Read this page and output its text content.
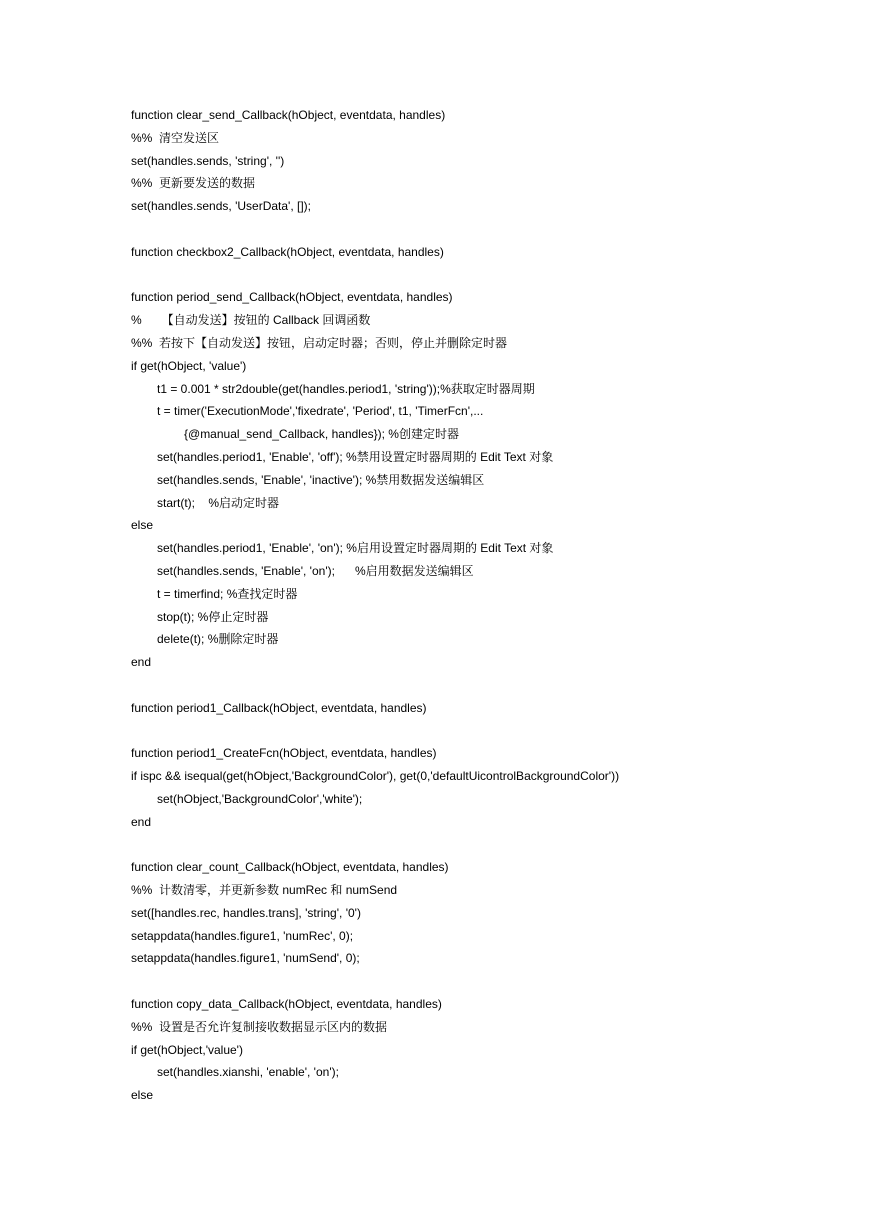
function clear_send_Callback(hObject, eventdata, handles)
%%  清空发送区
set(handles.sends, 'string', '')
%%  更新要发送的数据
set(handles.sends, 'UserData', []);
function checkbox2_Callback(hObject, eventdata, handles)
function period_send_Callback(hObject, eventdata, handles)
%      【自动发送】按钮的 Callback 回调函数
%%  若按下【自动发送】按钮，启动定时器；否则，停止并删除定时器
if get(hObject, 'value')
t1 = 0.001 * str2double(get(handles.period1, 'string'));%获取定时器周期
t = timer('ExecutionMode','fixedrate', 'Period', t1, 'TimerFcn',...
{@manual_send_Callback, handles}); %创建定时器
set(handles.period1, 'Enable', 'off'); %禁用设置定时器周期的 Edit Text 对象
set(handles.sends, 'Enable', 'inactive'); %禁用数据发送编辑区
start(t);    %启动定时器
else
set(handles.period1, 'Enable', 'on'); %启用设置定时器周期的 Edit Text 对象
set(handles.sends, 'Enable', 'on');      %启用数据发送编辑区
t = timerfind; %查找定时器
stop(t); %停止定时器
delete(t); %删除定时器
end
function period1_Callback(hObject, eventdata, handles)
function period1_CreateFcn(hObject, eventdata, handles)
if ispc && isequal(get(hObject,'BackgroundColor'), get(0,'defaultUicontrolBackgroundColor'))
set(hObject,'BackgroundColor','white');
end
function clear_count_Callback(hObject, eventdata, handles)
%%  计数清零，并更新参数 numRec 和 numSend
set([handles.rec, handles.trans], 'string', '0')
setappdata(handles.figure1, 'numRec', 0);
setappdata(handles.figure1, 'numSend', 0);
function copy_data_Callback(hObject, eventdata, handles)
%%  设置是否允许复制接收数据显示区内的数据
if get(hObject,'value')
set(handles.xianshi, 'enable', 'on');
else
